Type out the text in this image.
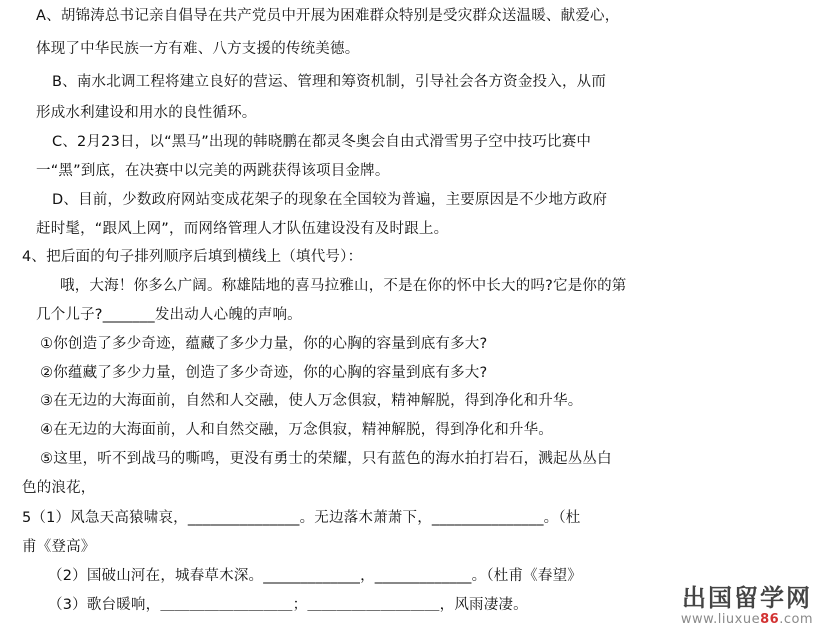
A、胡锦涛总书记亲自倡导在共产党员中开展为困难群众特别是受灾群众送温暖、献爱心，
体现了中华民族一方有难、八方支援的传统美德。
B、南水北调工程将建立良好的营运、管理和筹资机制，引导社会各方资金投入，从而
形成水利建设和用水的良性循环。
C、2月23日，以“黑马”出现的韩晓鹏在都灵冬奥会自由式滑雪男子空中技巧比赛中
一“黑”到底，在决赛中以完美的两跳获得该项目金牌。
D、目前，少数政府网站变成花架子的现象在全国较为普遍，主要原因是不少地方政府
赶时髦，“跟风上网”，而网络管理人才队伍建设没有及时跟上。
4、把后面的句子排列顺序后填到横线上（填代号）：
哦，大海！你多么广阔。称雄陆地的喜马拉雅山，不是在你的怀中长大的吗?它是你的第
几个儿子?_______发出动人心魄的声响。
①你创造了多少奇迹，蕴藏了多少力量，你的心胸的容量到底有多大?
②你蕴藏了多少力量，创造了多少奇迹，你的心胸的容量到底有多大?
③在无边的大海面前，自然和人交融，使人万念俱寂，精神解脱，得到净化和升华。
④在无边的大海面前，人和自然交融，万念俱寂，精神解脱，得到净化和升华。
⑤这里，听不到战马的嘶鸣，更没有勇士的荣耀，只有蓝色的海水拍打岩石，溅起丛丛白
色的浪花，
5（1）风急天高猿啸哀，_______________。无边落木萧萧下，_______________。（杜
甫《登高》
（2）国破山河在，城春草木深。_____________，_____________。（杜甫《春望》
（3）歌台暖响，＿＿＿＿＿＿＿＿＿；＿＿＿＿＿＿＿＿＿，风雨凄凄。	出国留学网
www.liuxue86.com
